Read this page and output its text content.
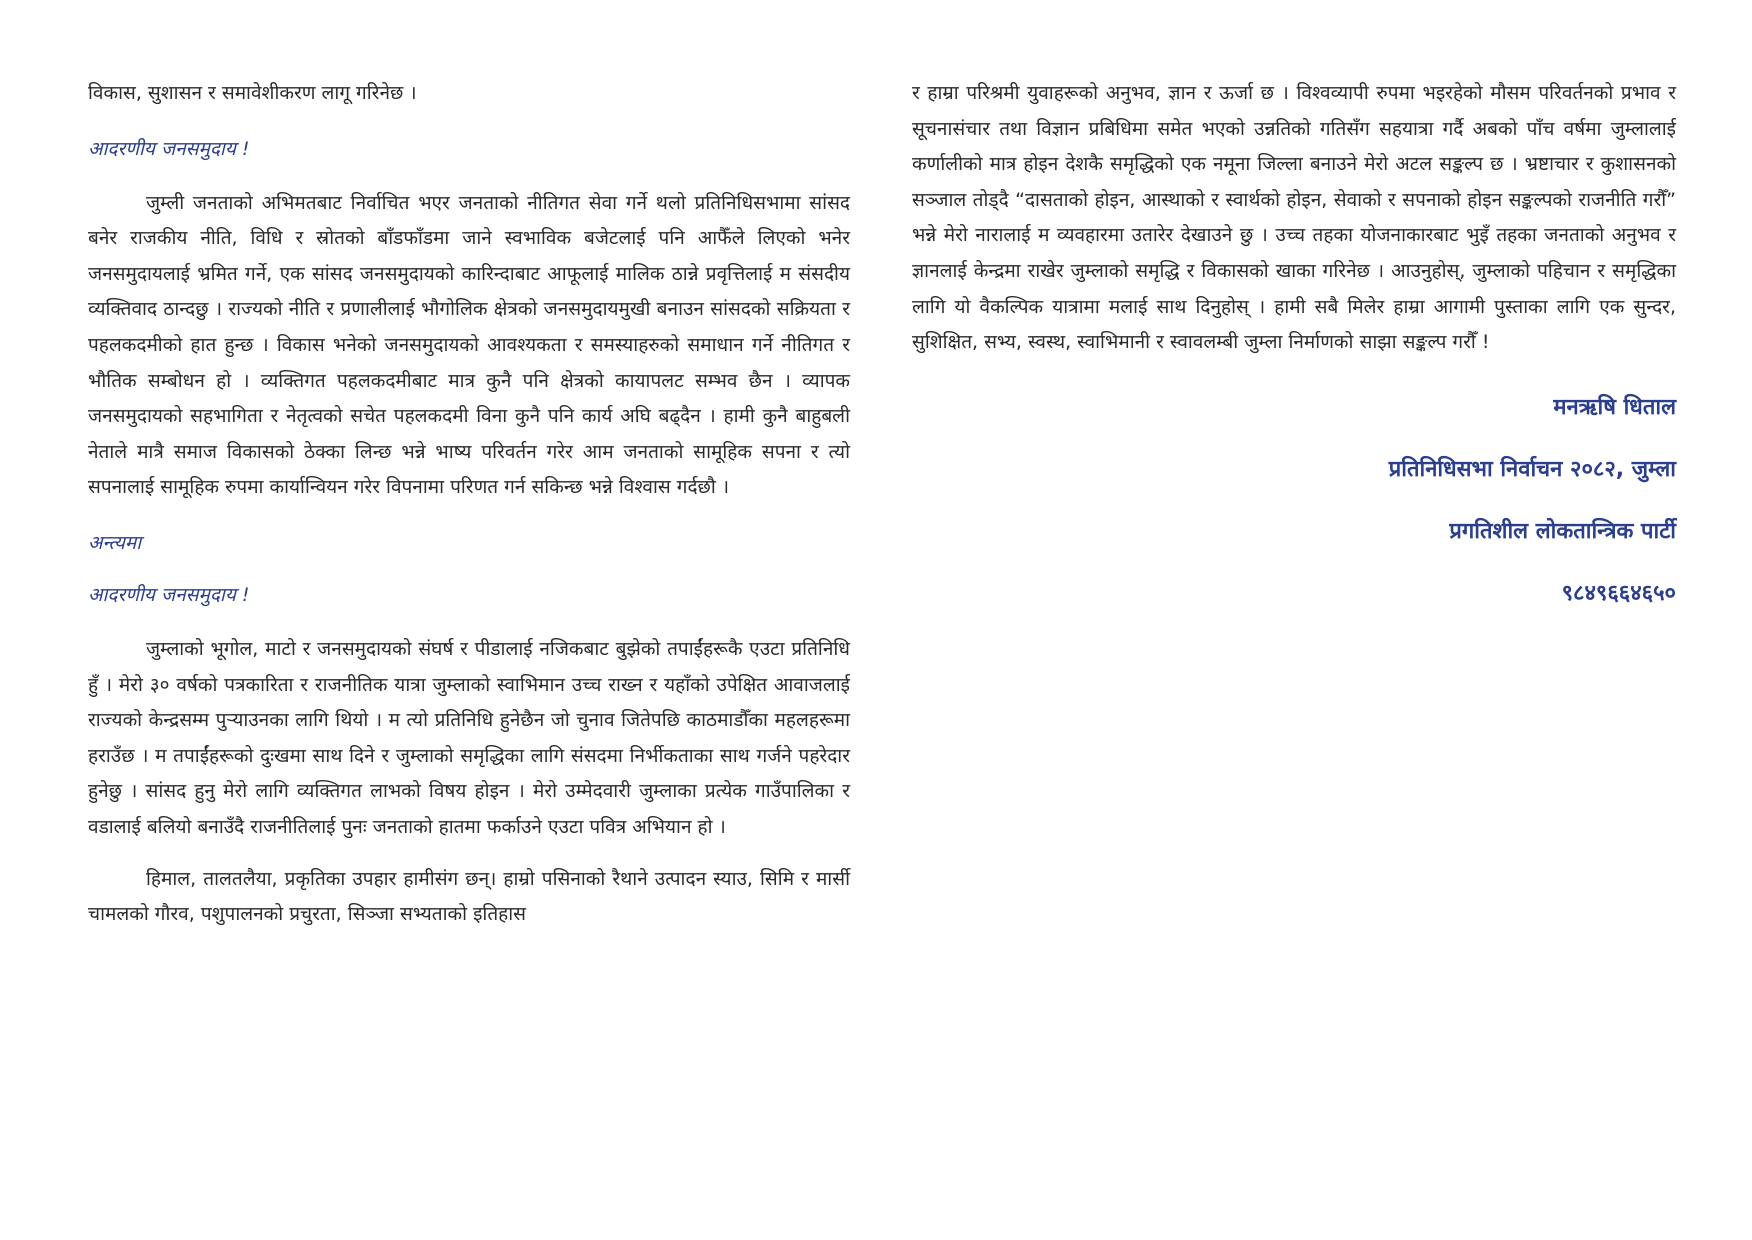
विकास, सुशासन र समावेशीकरण लागू गरिनेछ ।

आदरणीय जनसमुदाय !

जुम्ली जनताको अभिमतबाट निर्वाचित भएर जनताको नीतिगत सेवा गर्ने थलो प्रतिनिधिसभामा सांसद बनेर राजकीय नीति, विधि र स्रोतको बाँडफाँडमा जाने स्वभाविक बजेटलाई पनि आफैँले लिएको भनेर जनसमुदायलाई भ्रमित गर्ने, एक सांसद जनसमुदायको कारिन्दाबाट आफूलाई मालिक ठान्ने प्रवृत्तिलाई म संसदीय व्यक्तिवाद ठान्दछु । राज्यको नीति र प्रणालीलाई भौगोलिक क्षेत्रको जनसमुदायमुखी बनाउन सांसदको सक्रियता र पहलकदमीको हात हुन्छ । विकास भनेको जनसमुदायको आवश्यकता र समस्याहरुको समाधान गर्ने नीतिगत र भौतिक सम्बोधन हो । व्यक्तिगत पहलकदमीबाट मात्र कुनै पनि क्षेत्रको कायापलट सम्भव छैन । व्यापक जनसमुदायको सहभागिता र नेतृत्वको सचेत पहलकदमी विना कुनै पनि कार्य अघि बढ्दैन । हामी कुनै बाहुबली नेताले मात्रै समाज विकासको ठेक्का लिन्छ भन्ने भाष्य परिवर्तन गरेर आम जनताको सामूहिक सपना र त्यो सपनालाई सामूहिक रुपमा कार्यान्वियन गरेर विपनामा परिणत गर्न सकिन्छ भन्ने विश्वास गर्दछौ ।

अन्त्यमा

आदरणीय जनसमुदाय !

जुम्लाको भूगोल, माटो र जनसमुदायको संघर्ष र पीडालाई नजिकबाट बुझेको तपाईंहरूकै एउटा प्रतिनिधि हुँ । मेरो ३० वर्षको पत्रकारिता र राजनीतिक यात्रा जुम्लाको स्वाभिमान उच्च राख्न र यहाँको उपेक्षित आवाजलाई राज्यको केन्द्रसम्म पुर्‍याउनका लागि थियो । म त्यो प्रतिनिधि हुनेछैन जो चुनाव जितेपछि काठमाडौँका महलहरूमा हराउँछ । म तपाईंहरूको दुःखमा साथ दिने र जुम्लाको समृद्धिका लागि संसदमा निर्भीकताका साथ गर्जने पहरेदार हुनेछु । सांसद हुनु मेरो लागि व्यक्तिगत लाभको विषय होइन । मेरो उम्मेदवारी जुम्लाका प्रत्येक गाउँपालिका र वडालाई बलियो बनाउँदै राजनीतिलाई पुनः जनताको हातमा फर्काउने एउटा पवित्र अभियान हो ।

हिमाल, तालतलैया, प्रकृतिका उपहार हामीसंग छन्। हाम्रो पसिनाको रैथाने उत्पादन स्याउ, सिमि र मार्सी चामलको गौरव, पशुपालनको प्रचुरता, सिञ्जा सभ्यताको इतिहास

र हाम्रा परिश्रमी युवाहरूको अनुभव, ज्ञान र ऊर्जा छ । विश्वव्यापी रुपमा भइरहेको मौसम परिवर्तनको प्रभाव र सूचनासंचार तथा विज्ञान प्रबिधिमा समेत भएको उन्नतिको गतिसँग सहयात्रा गर्दै अबको पाँच वर्षमा जुम्लालाई कर्णालीको मात्र होइन देशकै समृद्धिको एक नमूना जिल्ला बनाउने मेरो अटल सङ्कल्प छ । भ्रष्टाचार र कुशासनको सञ्जाल तोड्दै “दासताको होइन, आस्थाको र स्वार्थको होइन, सेवाको र सपनाको होइन सङ्कल्पको राजनीति गरौँ” भन्ने मेरो नारालाई म व्यवहारमा उतारेर देखाउने छु । उच्च तहका योजनाकारबाट भुइँ तहका जनताको अनुभव र ज्ञानलाई केन्द्रमा राखेर जुम्लाको समृद्धि र विकासको खाका गरिनेछ । आउनुहोस्, जुम्लाको पहिचान र समृद्धिका लागि यो वैकल्पिक यात्रामा मलाई साथ दिनुहोस् । हामी सबै मिलेर हाम्रा आगामी पुस्ताका लागि एक सुन्दर, सुशिक्षित, सभ्य, स्वस्थ, स्वाभिमानी र स्वावलम्बी जुम्ला निर्माणको साझा सङ्कल्प गरौँ !

मनऋषि धिताल

प्रतिनिधिसभा निर्वाचन २०८२, जुम्ला

प्रगतिशील लोकतान्त्रिक पार्टी

९८४९६६४६५०
